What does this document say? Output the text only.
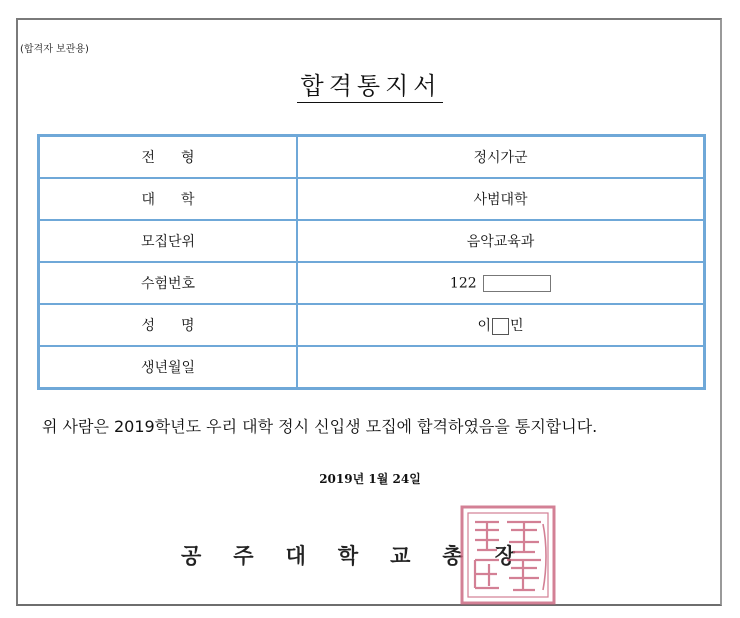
(합격자 보관용)
합격통지서
전형	정시가군
대학	사범대학
모집단위	음악교육과
수험번호	122
성명	이 민
생년월일	
위 사람은 2019학년도 우리 대학 정시 신입생 모집에 합격하였음을 통지합니다.
2019년 1월 24일
공주대학교총장
